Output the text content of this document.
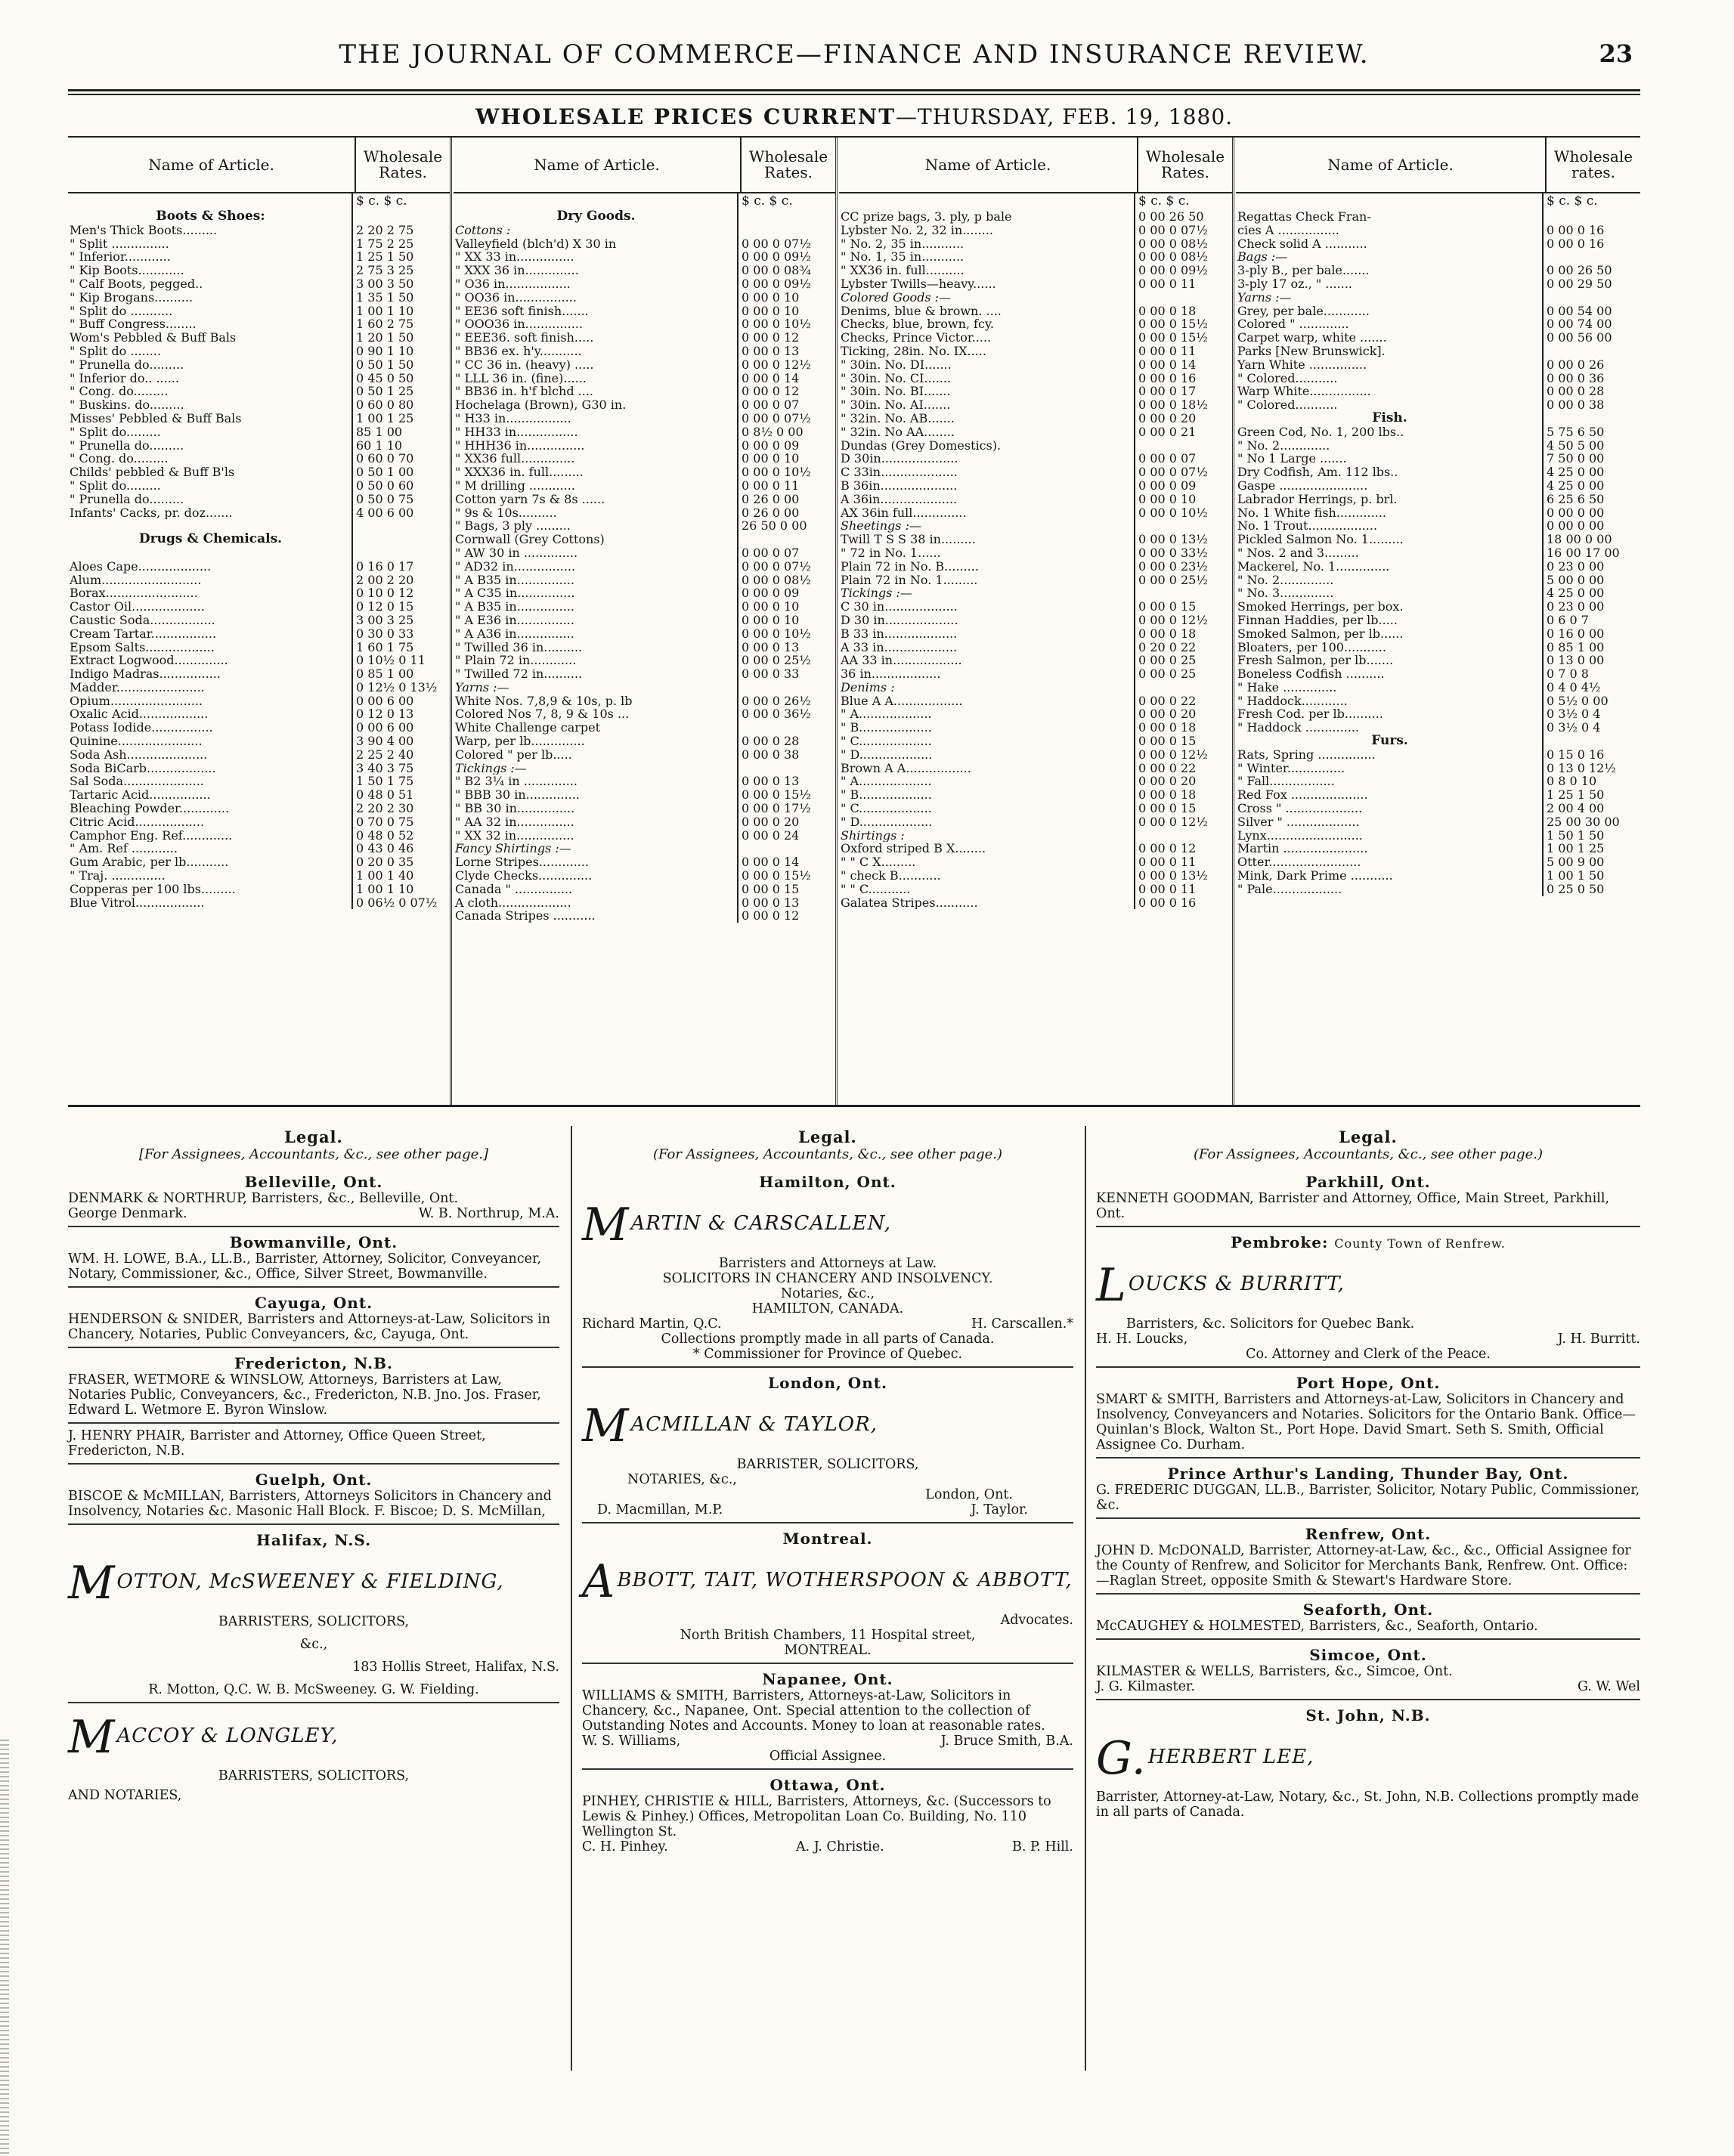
THE JOURNAL OF COMMERCE—FINANCE AND INSURANCE REVIEW.	23
WHOLESALE PRICES CURRENT—THURSDAY, FEB. 19, 1880.
Name of Article.	Wholesale Rates.
$ c. $ c.
Boots & Shoes:
Men's Thick Boots.........	2 20 2 75
" Split ...............	1 75 2 25
" Inferior............	1 25 1 50
" Kip Boots............	2 75 3 25
" Calf Boots, pegged..	3 00 3 50
" Kip Brogans..........	1 35 1 50
" Split do ...........	1 00 1 10
" Buff Congress........	1 60 2 75
Wom's Pebbled & Buff Bals	1 20 1 50
" Split do ........	0 90 1 10
" Prunella do.........	0 50 1 50
" Inferior do.. ......	0 45 0 50
" Cong. do.........	0 50 1 25
" Buskins. do.........	0 60 0 80
Misses' Pebbled & Buff Bals	1 00 1 25
" Split do.........	85 1 00
" Prunella do.........	60 1 10
" Cong. do.........	0 60 0 70
Childs' pebbled & Buff B'ls	0 50 1 00
" Split do.........	0 50 0 60
" Prunella do.........	0 50 0 75
Infants' Cacks, pr. doz.......	4 00 6 00
Drugs & Chemicals.
Aloes Cape...................	0 16 0 17
Alum..........................	2 00 2 20
Borax........................	0 10 0 12
Castor Oil...................	0 12 0 15
Caustic Soda.................	3 00 3 25
Cream Tartar.................	0 30 0 33
Epsom Salts..................	1 60 1 75
Extract Logwood..............	0 10½ 0 11
Indigo Madras................	0 85 1 00
Madder.......................	0 12½ 0 13½
Opium........................	0 00 6 00
Oxalic Acid..................	0 12 0 13
Potass Iodide................	0 00 6 00
Quinine......................	3 90 4 00
Soda Ash.....................	2 25 2 40
Soda BiCarb..................	3 40 3 75
Sal Soda.....................	1 50 1 75
Tartaric Acid................	0 48 0 51
Bleaching Powder.............	2 20 2 30
Citric Acid..................	0 70 0 75
Camphor Eng. Ref.............	0 48 0 52
" Am. Ref ............	0 43 0 46
Gum Arabic, per lb...........	0 20 0 35
" Traj. ..............	1 00 1 40
Copperas per 100 lbs.........	1 00 1 10
Blue Vitrol..................	0 06½ 0 07½
Name of Article.	Wholesale Rates.
$ c. $ c.
Dry Goods.
Cottons :
Valleyfield (blch'd) X 30 in	0 00 0 07½
" XX 33 in...............	0 00 0 09½
" XXX 36 in..............	0 00 0 08¾
" O36 in.................	0 00 0 09½
" OO36 in................	0 00 0 10
" EE36 soft finish.......	0 00 0 10
" OOO36 in...............	0 00 0 10½
" EEE36. soft finish.....	0 00 0 12
" BB36 ex. h'y...........	0 00 0 13
" CC 36 in. (heavy) .....	0 00 0 12½
" LLL 36 in. (fine)......	0 00 0 14
" BB36 in. h'f blchd ....	0 00 0 12
Hochelaga (Brown), G30 in.	0 00 0 07
" H33 in.................	0 00 0 07½
" HH33 in................	0 8½ 0 00
" HHH36 in...............	0 00 0 09
" XX36 full..............	0 00 0 10
" XXX36 in. full.........	0 00 0 10½
" M drilling ............	0 00 0 11
Cotton yarn 7s & 8s ......	0 26 0 00
" 9s & 10s..........	0 26 0 00
" Bags, 3 ply .........	26 50 0 00
Cornwall (Grey Cottons)
" AW 30 in ..............	0 00 0 07
" AD32 in................	0 00 0 07½
" A B35 in...............	0 00 0 08½
" A C35 in...............	0 00 0 09
" A B35 in...............	0 00 0 10
" A E36 in...............	0 00 0 10
" A A36 in...............	0 00 0 10½
" Twilled 36 in..........	0 00 0 13
" Plain 72 in............	0 00 0 25½
" Twilled 72 in..........	0 00 0 33
Yarns :—
White Nos. 7,8,9 & 10s, p. lb	0 00 0 26½
Colored Nos 7, 8, 9 & 10s ...	0 00 0 36½
White Challenge carpet
Warp, per lb..............	0 00 0 28
Colored " per lb.....	0 00 0 38
Tickings :—
" B2 3¼ in ..............	0 00 0 13
" BBB 30 in..............	0 00 0 15½
" BB 30 in...............	0 00 0 17½
" AA 32 in...............	0 00 0 20
" XX 32 in...............	0 00 0 24
Fancy Shirtings :—
Lorne Stripes.............	0 00 0 14
Clyde Checks..............	0 00 0 15½
Canada " ...............	0 00 0 15
A cloth...................	0 00 0 13
Canada Stripes ...........	0 00 0 12
Name of Article.	Wholesale Rates.
$ c. $ c.
CC prize bags, 3. ply, p bale	0 00 26 50
Lybster No. 2, 32 in........	0 00 0 07½
" No. 2, 35 in...........	0 00 0 08½
" No. 1, 35 in...........	0 00 0 08½
" XX36 in. full..........	0 00 0 09½
Lybster Twills—heavy......	0 00 0 11
Colored Goods :—
Denims, blue & brown. ....	0 00 0 18
Checks, blue, brown, fcy.	0 00 0 15½
Checks, Prince Victor.....	0 00 0 15½
Ticking, 28in. No. IX.....	0 00 0 11
" 30in. No. DI.......	0 00 0 14
" 30in. No. CI.......	0 00 0 16
" 30in. No. BI.......	0 00 0 17
" 30in. No. AI.......	0 00 0 18½
" 32in. No. AB.......	0 00 0 20
" 32in. No AA........	0 00 0 21
Dundas (Grey Domestics).
D 30in....................	0 00 0 07
C 33in....................	0 00 0 07½
B 36in....................	0 00 0 09
A 36in....................	0 00 0 10
AX 36in full..............	0 00 0 10½
Sheetings :—
Twill T S S 38 in.........	0 00 0 13½
" 72 in No. 1......	0 00 0 33½
Plain 72 in No. B.........	0 00 0 23½
Plain 72 in No. 1.........	0 00 0 25½
Tickings :—
C 30 in...................	0 00 0 15
D 30 in...................	0 00 0 12½
B 33 in...................	0 00 0 18
A 33 in...................	0 20 0 22
AA 33 in..................	0 00 0 25
36 in..................	0 00 0 25
Denims :
Blue A A..................	0 00 0 22
" A...................	0 00 0 20
" B...................	0 00 0 18
" C...................	0 00 0 15
" D...................	0 00 0 12½
Brown A A.................	0 00 0 22
" A...................	0 00 0 20
" B...................	0 00 0 18
" C...................	0 00 0 15
" D...................	0 00 0 12½
Shirtings :
Oxford striped B X........	0 00 0 12
" " C X.........	0 00 0 11
" check B...........	0 00 0 13½
" " C...........	0 00 0 11
Galatea Stripes...........	0 00 0 16
Name of Article.	Wholesale rates.
$ c. $ c.
Regattas Check Fran-
cies A ................	0 00 0 16
Check solid A ...........	0 00 0 16
Bags :—
3-ply B., per bale.......	0 00 26 50
3-ply 17 oz., " .......	0 00 29 50
Yarns :—
Grey, per bale............	0 00 54 00
Colored " .............	0 00 74 00
Carpet warp, white .......	0 00 56 00
Parks [New Brunswick].
Yarn White ...............	0 00 0 26
" Colored...........	0 00 0 36
Warp White................	0 00 0 28
" Colored...........	0 00 0 38
Fish.
Green Cod, No. 1, 200 lbs..	5 75 6 50
" No. 2.............	4 50 5 00
" No 1 Large .......	7 50 0 00
Dry Codfish, Am. 112 lbs..	4 25 0 00
Gaspe .......................	4 25 0 00
Labrador Herrings, p. brl.	6 25 6 50
No. 1 White fish.............	0 00 0 00
No. 1 Trout..................	0 00 0 00
Pickled Salmon No. 1.........	18 00 0 00
" Nos. 2 and 3.........	16 00 17 00
Mackerel, No. 1..............	0 23 0 00
" No. 2..............	5 00 0 00
" No. 3..............	4 25 0 00
Smoked Herrings, per box.	0 23 0 00
Finnan Haddies, per lb.....	0 6 0 7
Smoked Salmon, per lb......	0 16 0 00
Bloaters, per 100...........	0 85 1 00
Fresh Salmon, per lb.......	0 13 0 00
Boneless Codfish ..........	0 7 0 8
" Hake ..............	0 4 0 4½
" Haddock............	0 5½ 0 00
Fresh Cod. per lb..........	0 3½ 0 4
" Haddock ..............	0 3½ 0 4
Furs.
Rats, Spring ...............	0 15 0 16
" Winter...............	0 13 0 12½
" Fall.................	0 8 0 10
Red Fox ....................	1 25 1 50
Cross " ....................	2 00 4 00
Silver " ...................	25 00 30 00
Lynx.........................	1 50 1 50
Martin ......................	1 00 1 25
Otter........................	5 00 9 00
Mink, Dark Prime ...........	1 00 1 50
" Pale..................	0 25 0 50
Legal.
[For Assignees, Accountants, &c., see other page.]
Belleville, Ont.

DENMARK & NORTHRUP, Barristers, &c., Belleville, Ont.

George Denmark.	W. B. Northrup, M.A.
Bowmanville, Ont.

WM. H. LOWE, B.A., LL.B., Barrister, Attorney, Solicitor, Conveyancer, Notary, Commissioner, &c., Office, Silver Street, Bowmanville.

Cayuga, Ont.

HENDERSON & SNIDER, Barristers and Attorneys-at-Law, Solicitors in Chancery, Notaries, Public Conveyancers, &c, Cayuga, Ont.

Fredericton, N.B.

FRASER, WETMORE & WINSLOW, Attorneys, Barristers at Law, Notaries Public, Conveyancers, &c., Fredericton, N.B. Jno. Jos. Fraser, Edward L. Wetmore E. Byron Winslow.

J. HENRY PHAIR, Barrister and Attorney, Office Queen Street, Fredericton, N.B.

Guelph, Ont.

BISCOE & McMILLAN, Barristers, Attorneys Solicitors in Chancery and Insolvency, Notaries &c. Masonic Hall Block. F. Biscoe; D. S. McMillan,

Halifax, N.S.
MOTTON, McSWEENEY & FIELDING,

BARRISTERS, SOLICITORS,

&c.,

183 Hollis Street, Halifax, N.S.

R. Motton, Q.C. W. B. McSweeney. G. W. Fielding.

MACCOY & LONGLEY,

BARRISTERS, SOLICITORS,

AND NOTARIES,

Legal.
(For Assignees, Accountants, &c., see other page.)
Hamilton, Ont.
MARTIN & CARSCALLEN,

Barristers and Attorneys at Law.

SOLICITORS IN CHANCERY AND INSOLVENCY.

Notaries, &c.,

HAMILTON, CANADA.

Richard Martin, Q.C.	H. Carscallen.*

Collections promptly made in all parts of Canada.

* Commissioner for Province of Quebec.

London, Ont.
MACMILLAN & TAYLOR,

BARRISTER, SOLICITORS,

NOTARIES, &c.,

London, Ont.

D. Macmillan, M.P.	J. Taylor.
Montreal.
ABBOTT, TAIT, WOTHERSPOON & ABBOTT,

Advocates.

North British Chambers, 11 Hospital street,

MONTREAL.

Napanee, Ont.

WILLIAMS & SMITH, Barristers, Attorneys-at-Law, Solicitors in Chancery, &c., Napanee, Ont. Special attention to the collection of Outstanding Notes and Accounts. Money to loan at reasonable rates.

W. S. Williams,	J. Bruce Smith, B.A.

Official Assignee.

Ottawa, Ont.

PINHEY, CHRISTIE & HILL, Barristers, Attorneys, &c. (Successors to Lewis & Pinhey.) Offices, Metropolitan Loan Co. Building, No. 110 Wellington St.

C. H. Pinhey.	A. J. Christie.	B. P. Hill.
Legal.
(For Assignees, Accountants, &c., see other page.)
Parkhill, Ont.

KENNETH GOODMAN, Barrister and Attorney, Office, Main Street, Parkhill, Ont.

Pembroke: County Town of Renfrew.
LOUCKS & BURRITT,

Barristers, &c. Solicitors for Quebec Bank.

H. H. Loucks,	J. H. Burritt.

Co. Attorney and Clerk of the Peace.

Port Hope, Ont.

SMART & SMITH, Barristers and Attorneys-at-Law, Solicitors in Chancery and Insolvency, Conveyancers and Notaries. Solicitors for the Ontario Bank. Office—Quinlan's Block, Walton St., Port Hope. David Smart. Seth S. Smith, Official Assignee Co. Durham.

Prince Arthur's Landing, Thunder Bay, Ont.

G. FREDERIC DUGGAN, LL.B., Barrister, Solicitor, Notary Public, Commissioner, &c.

Renfrew, Ont.

JOHN D. McDONALD, Barrister, Attorney-at-Law, &c., &c., Official Assignee for the County of Renfrew, and Solicitor for Merchants Bank, Renfrew. Ont. Office:—Raglan Street, opposite Smith & Stewart's Hardware Store.

Seaforth, Ont.

McCAUGHEY & HOLMESTED, Barristers, &c., Seaforth, Ontario.

Simcoe, Ont.

KILMASTER & WELLS, Barristers, &c., Simcoe, Ont.

J. G. Kilmaster.	G. W. Wel
St. John, N.B.
G.HERBERT LEE,

Barrister, Attorney-at-Law, Notary, &c., St. John, N.B. Collections promptly made in all parts of Canada.
